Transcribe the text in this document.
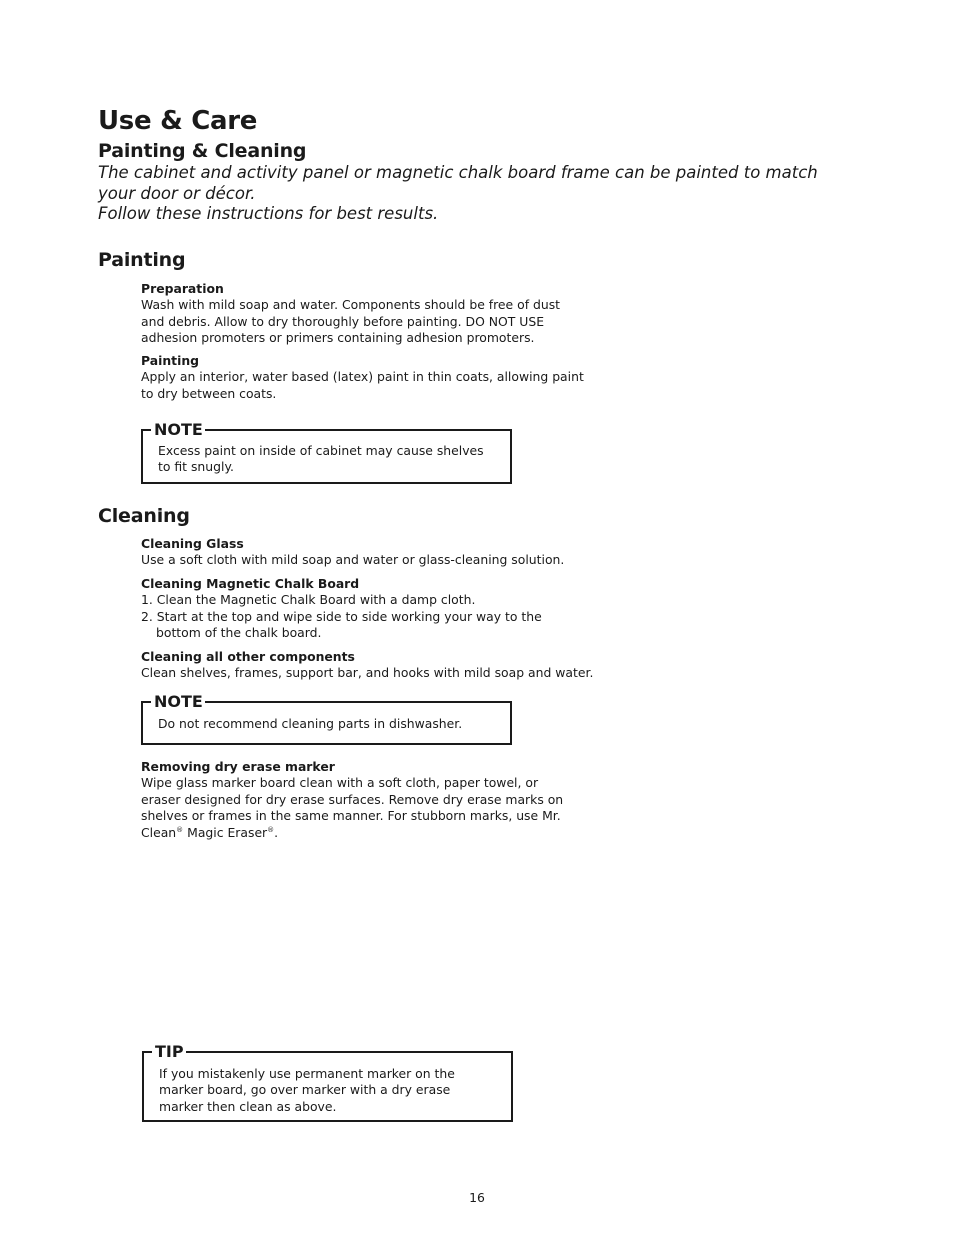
Use & Care
Painting & Cleaning
The cabinet and activity panel or magnetic chalk board frame can be painted to match your door or décor.
Follow these instructions for best results.
Painting
Preparation
Wash with mild soap and water. Components should be free of dust and debris. Allow to dry thoroughly before painting. DO NOT USE adhesion promoters or primers containing adhesion promoters.
Painting
Apply an interior, water based (latex) paint in thin coats, allowing paint to dry between coats.
NOTE
Excess paint on inside of cabinet may cause shelves to fit snugly.
Cleaning
Cleaning Glass
Use a soft cloth with mild soap and water or glass-cleaning solution.
Cleaning Magnetic Chalk Board
1. Clean the Magnetic Chalk Board with a damp cloth.
2. Start at the top and wipe side to side working your way to the bottom of the chalk board.
Cleaning all other components
Clean shelves, frames, support bar, and hooks with mild soap and water.
NOTE
Do not recommend cleaning parts in dishwasher.
Removing dry erase marker
Wipe glass marker board clean with a soft cloth, paper towel, or eraser designed for dry erase surfaces. Remove dry erase marks on shelves or frames in the same manner. For stubborn marks, use Mr. Clean® Magic Eraser®.
TIP
If you mistakenly use permanent marker on the marker board, go over marker with a dry erase marker then clean as above.
16
